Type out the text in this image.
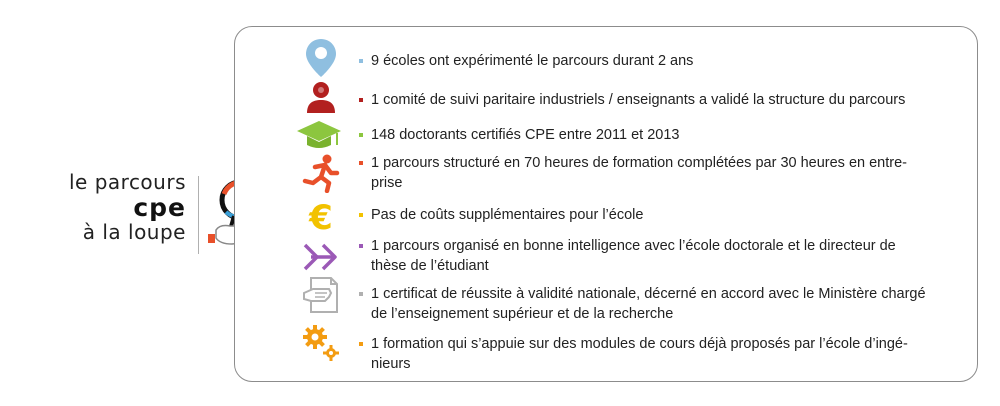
le parcours
cpe
à la loupe
9 écoles ont expérimenté le parcours durant 2 ans
1 comité de suivi paritaire industriels / enseignants a validé la structure du parcours
148 doctorants certifiés CPE entre 2011 et 2013
1 parcours structuré en 70 heures de formation complétées par 30 heures en entre-
prise
€	Pas de coûts supplémentaires pour l’école
1 parcours organisé en bonne intelligence avec l’école doctorale et le directeur de
thèse de l’étudiant
1 certificat de réussite à validité nationale, décerné en accord avec le Ministère chargé
de l’enseignement supérieur et de la recherche
1 formation qui s’appuie sur des modules de cours déjà proposés par l’école d’ingé-
nieurs
